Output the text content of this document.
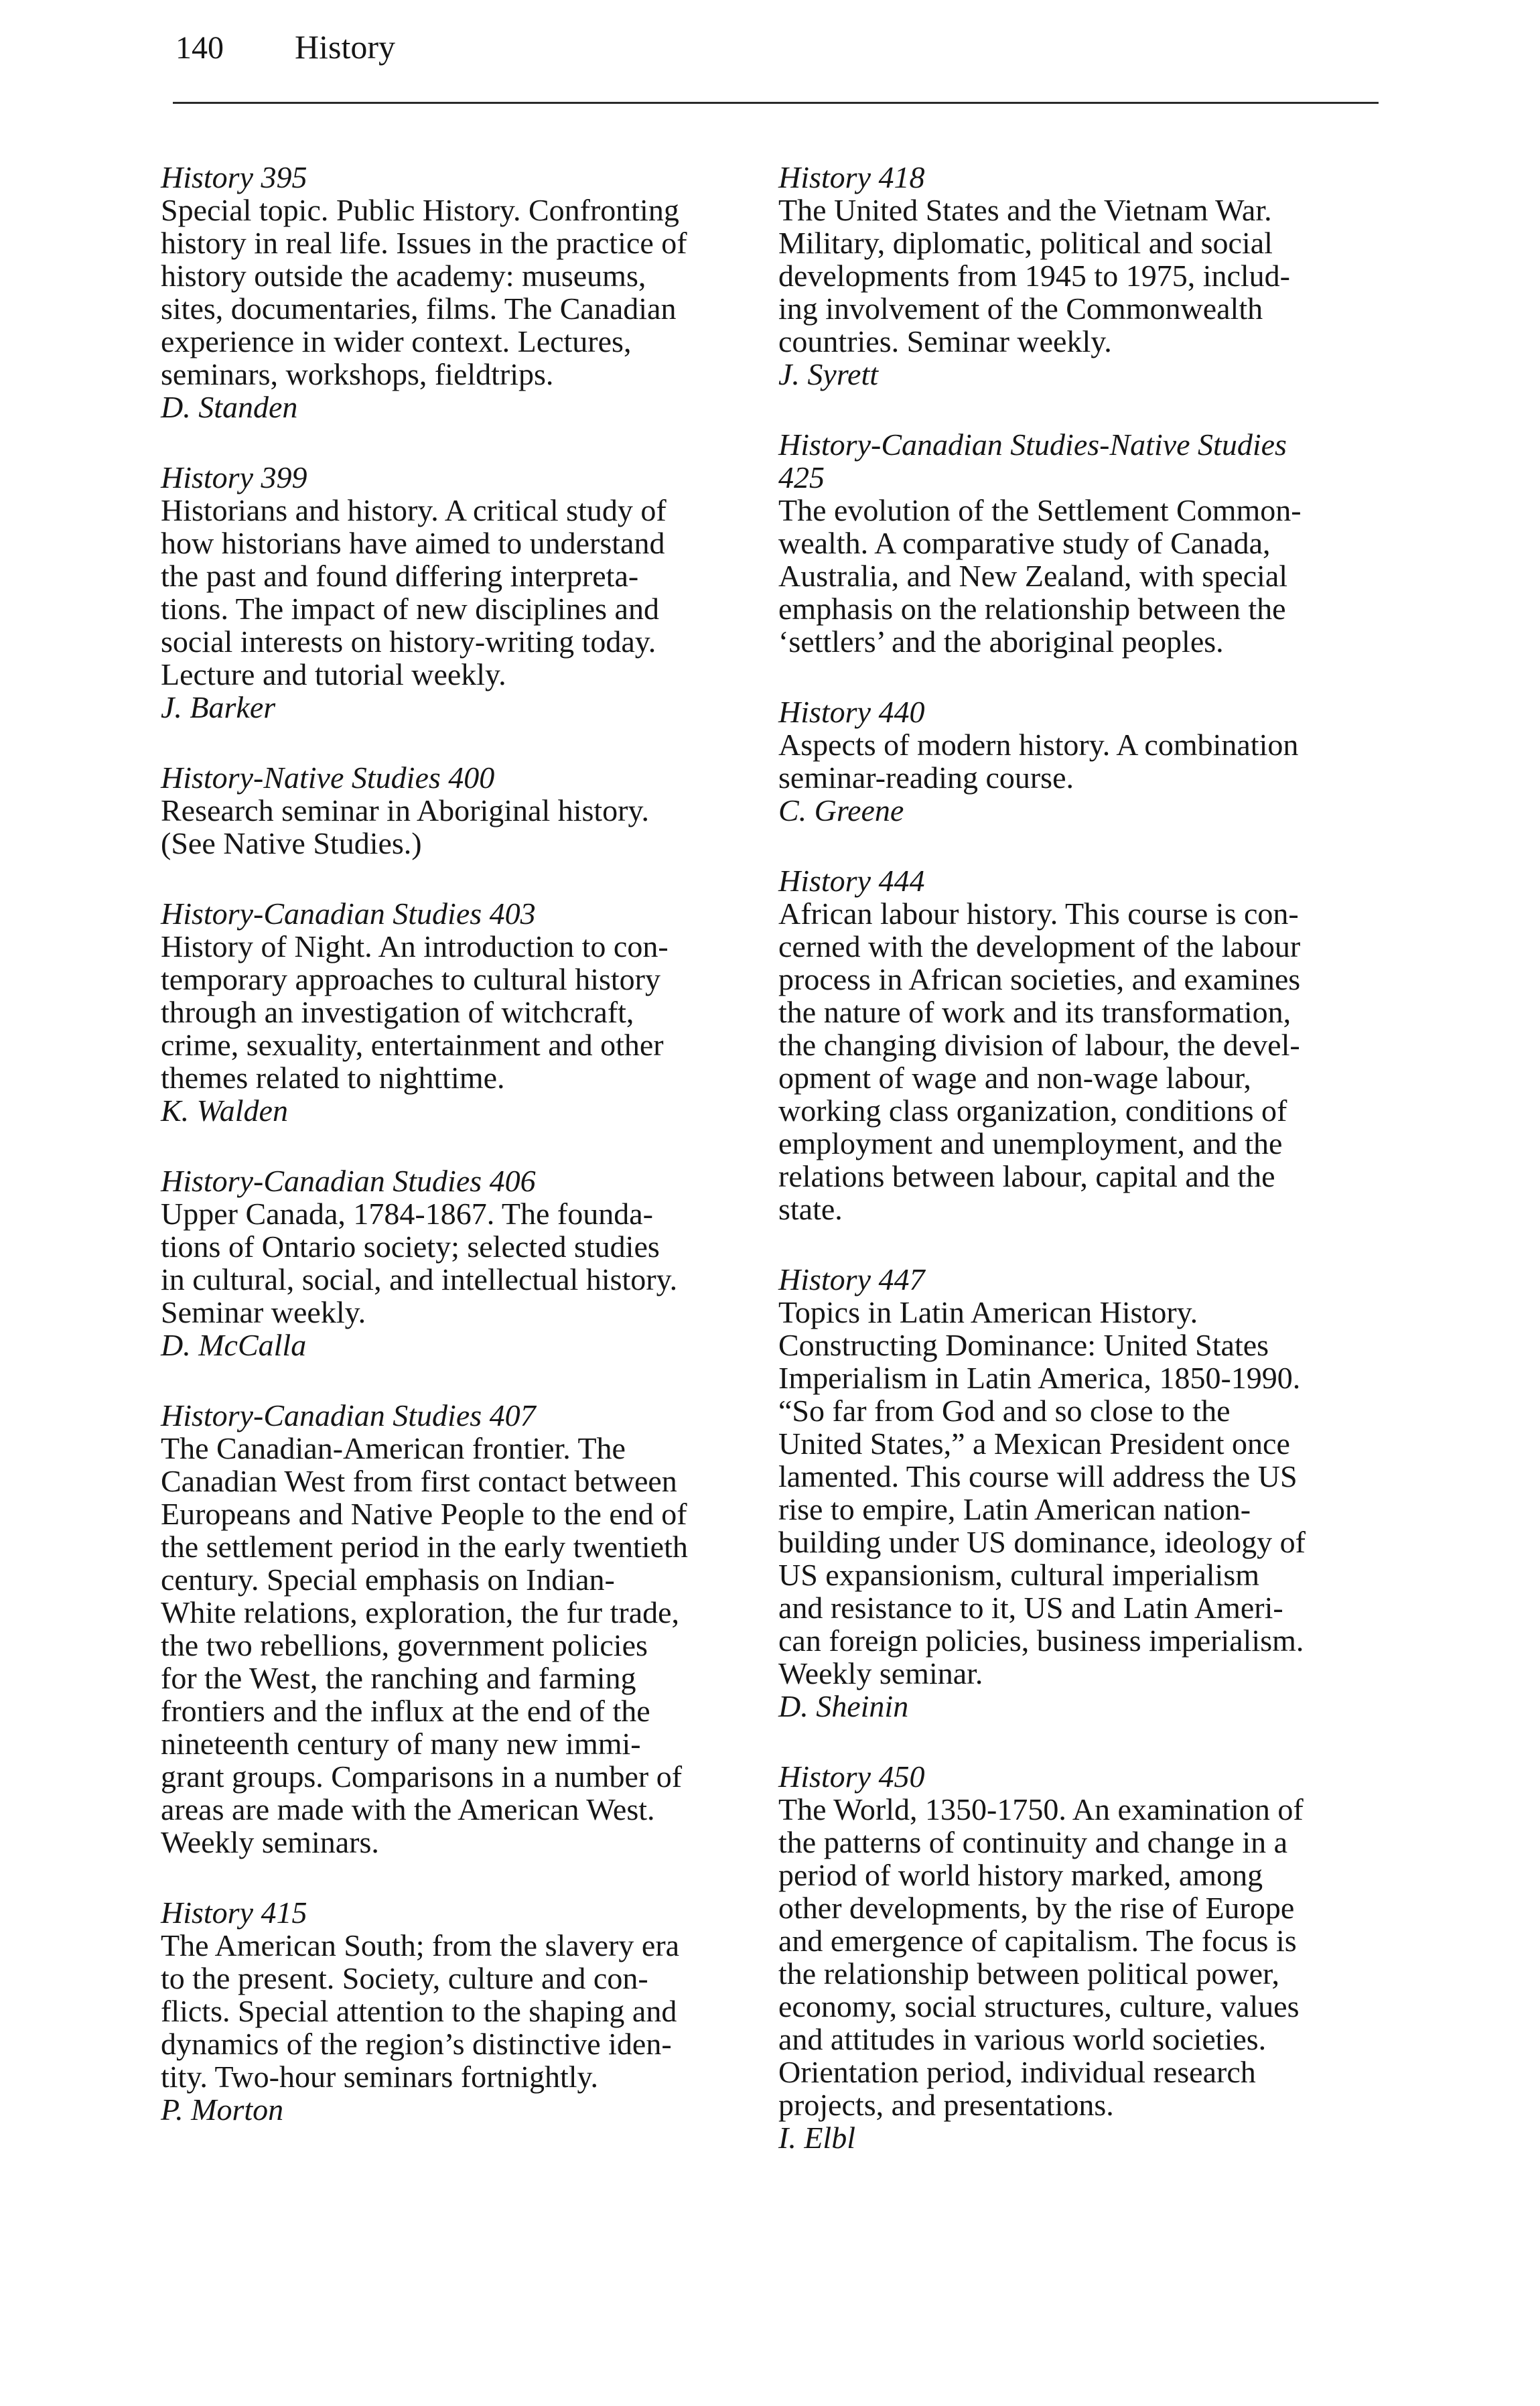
140	History
History 395
Special topic. Public History. Confronting
history in real life. Issues in the practice of
history outside the academy: museums,
sites, documentaries, films. The Canadian
experience in wider context. Lectures,
seminars, workshops, fieldtrips.
D. Standen
History 399
Historians and history. A critical study of
how historians have aimed to understand
the past and found differing interpreta-
tions. The impact of new disciplines and
social interests on history-writing today.
Lecture and tutorial weekly.
J. Barker
History-Native Studies 400
Research seminar in Aboriginal history.
(See Native Studies.)
History-Canadian Studies 403
History of Night. An introduction to con-
temporary approaches to cultural history
through an investigation of witchcraft,
crime, sexuality, entertainment and other
themes related to nighttime.
K. Walden
History-Canadian Studies 406
Upper Canada, 1784-1867. The founda-
tions of Ontario society; selected studies
in cultural, social, and intellectual history.
Seminar weekly.
D. McCalla
History-Canadian Studies 407
The Canadian-American frontier. The
Canadian West from first contact between
Europeans and Native People to the end of
the settlement period in the early twentieth
century. Special emphasis on Indian-
White relations, exploration, the fur trade,
the two rebellions, government policies
for the West, the ranching and farming
frontiers and the influx at the end of the
nineteenth century of many new immi-
grant groups. Comparisons in a number of
areas are made with the American West.
Weekly seminars.
History 415
The American South; from the slavery era
to the present. Society, culture and con-
flicts. Special attention to the shaping and
dynamics of the region’s distinctive iden-
tity. Two-hour seminars fortnightly.
P. Morton
History 418
The United States and the Vietnam War.
Military, diplomatic, political and social
developments from 1945 to 1975, includ-
ing involvement of the Commonwealth
countries. Seminar weekly.
J. Syrett
History-Canadian Studies-Native Studies
425
The evolution of the Settlement Common-
wealth. A comparative study of Canada,
Australia, and New Zealand, with special
emphasis on the relationship between the
‘settlers’ and the aboriginal peoples.
History 440
Aspects of modern history. A combination
seminar-reading course.
C. Greene
History 444
African labour history. This course is con-
cerned with the development of the labour
process in African societies, and examines
the nature of work and its transformation,
the changing division of labour, the devel-
opment of wage and non-wage labour,
working class organization, conditions of
employment and unemployment, and the
relations between labour, capital and the
state.
History 447
Topics in Latin American History.
Constructing Dominance: United States
Imperialism in Latin America, 1850-1990.
“So far from God and so close to the
United States,” a Mexican President once
lamented. This course will address the US
rise to empire, Latin American nation-
building under US dominance, ideology of
US expansionism, cultural imperialism
and resistance to it, US and Latin Ameri-
can foreign policies, business imperialism.
Weekly seminar.
D. Sheinin
History 450
The World, 1350-1750. An examination of
the patterns of continuity and change in a
period of world history marked, among
other developments, by the rise of Europe
and emergence of capitalism. The focus is
the relationship between political power,
economy, social structures, culture, values
and attitudes in various world societies.
Orientation period, individual research
projects, and presentations.
I. Elbl
